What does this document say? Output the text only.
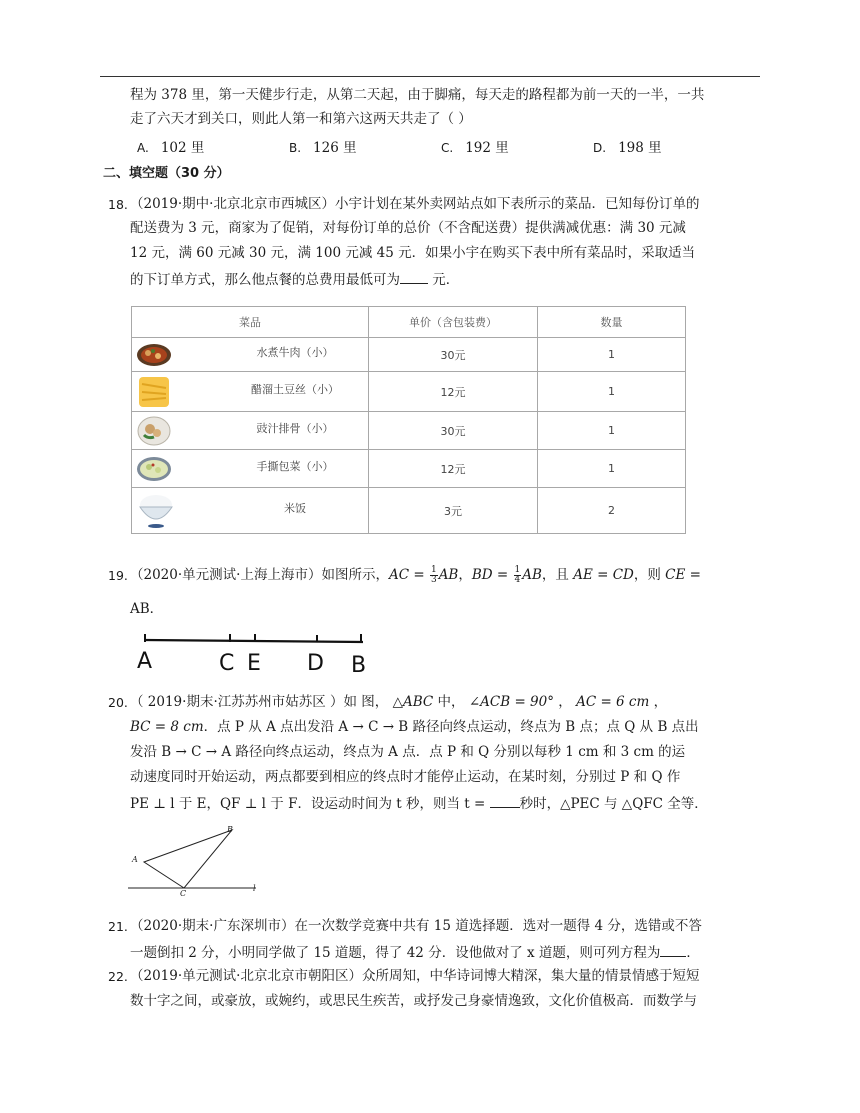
程为 378 里，第一天健步行走，从第二天起，由于脚痛，每天走的路程都为前一天的一半，一共
走了六天才到关口，则此人第一和第六这两天共走了（ ）
A. 102 里	B. 126 里	C. 192 里	D. 198 里
二、填空题（30 分）
18. （2019·期中·北京北京市西城区）小宇计划在某外卖网站点如下表所示的菜品．已知每份订单的
配送费为 3 元，商家为了促销，对每份订单的总价（不含配送费）提供满减优惠：满 30 元减
12 元，满 60 元减 30 元，满 100 元减 45 元．如果小宇在购买下表中所有菜品时，采取适当
的下订单方式，那么他点餐的总费用最低可为 元．
菜品	单价（含包装费）	数量

水煮牛肉（小）	30元	1

醋溜土豆丝（小）	12元	1

豉汁排骨（小）	30元	1

手撕包菜（小）	12元	1

米饭	3元	2
19. （2020·单元测试·上海上海市）如图所示，AC = $\frac{1}{3}$ AB，BD = $\frac{1}{4}$ AB，且 AE = CD，则 CE =
AB．
A	C E D B
20. （ 2019·期末·江苏苏州市姑苏区 ）如 图， △ABC 中， ∠ACB = 90° ， AC = 6 cm ，
BC = 8 cm．点 P 从 A 点出发沿 A → C → B 路径向终点运动，终点为 B 点；点 Q 从 B 点出
发沿 B → C → A 路径向终点运动，终点为 A 点．点 P 和 Q 分别以每秒 1 cm 和 3 cm 的运
动速度同时开始运动，两点都要到相应的终点时才能停止运动，在某时刻，分别过 P 和 Q 作
PE ⊥ l 于 E，QF ⊥ l 于 F．设运动时间为 t 秒，则当 t = 秒时，△PEC 与 △QFC 全等．
A
B
C
l
21. （2020·期末·广东深圳市）在一次数学竞赛中共有 15 道选择题．选对一题得 4 分，选错或不答
一题倒扣 2 分，小明同学做了 15 道题，得了 42 分．设他做对了 x 道题，则可列方程为 ．
22. （2019·单元测试·北京北京市朝阳区）众所周知，中华诗词博大精深，集大量的情景情感于短短
数十字之间，或豪放，或婉约，或思民生疾苦，或抒发己身豪情逸致，文化价值极高．而数学与
